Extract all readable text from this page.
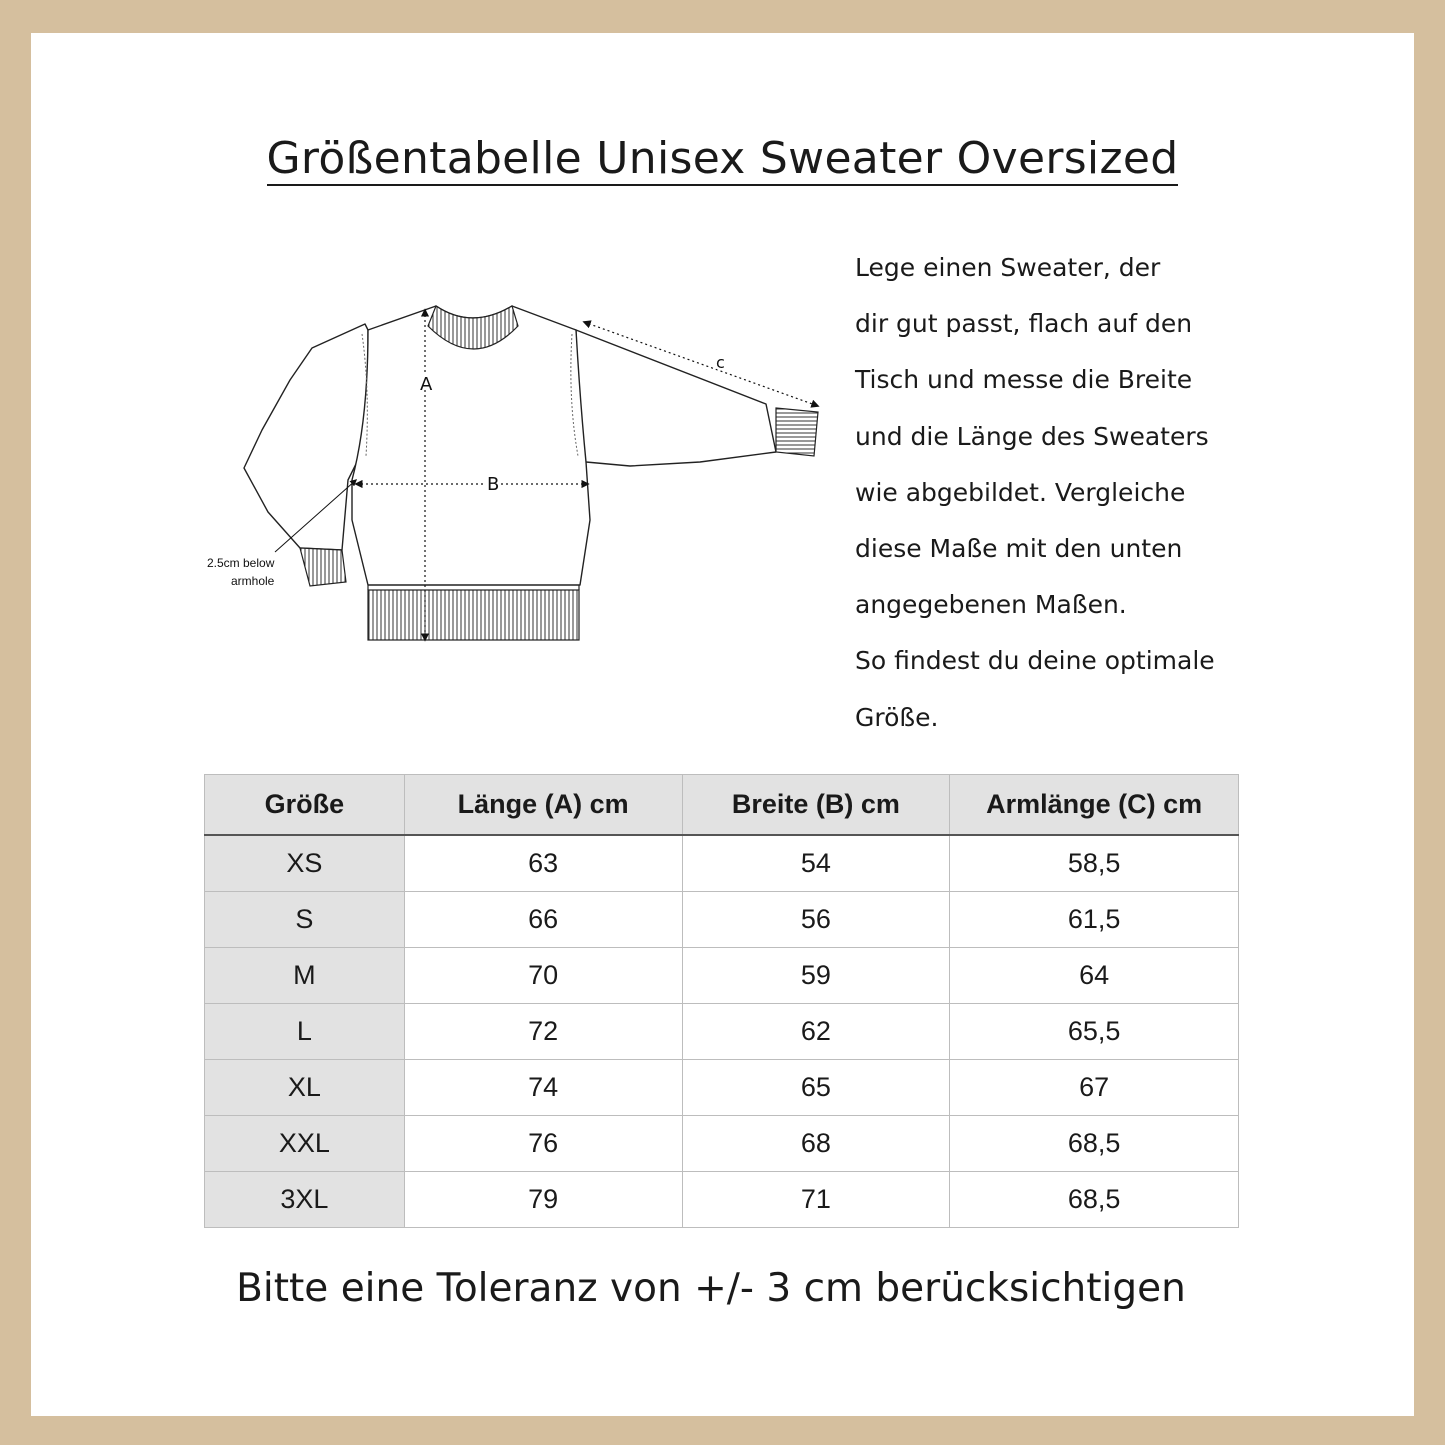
Größentabelle Unisex Sweater Oversized
A
B
c
2.5cm below
armhole
Lege einen Sweater, der
dir gut passt, flach auf den
Tisch und messe die Breite
und die Länge des Sweaters
wie abgebildet. Vergleiche
diese Maße mit den unten
angegebenen Maßen.
So findest du deine optimale
Größe.
Größe	Länge (A) cm	Breite (B) cm	Armlänge (C) cm
XS	63	54	58,5
S	66	56	61,5
M	70	59	64
L	72	62	65,5
XL	74	65	67
XXL	76	68	68,5
3XL	79	71	68,5
Bitte eine Toleranz von +/- 3 cm berücksichtigen
